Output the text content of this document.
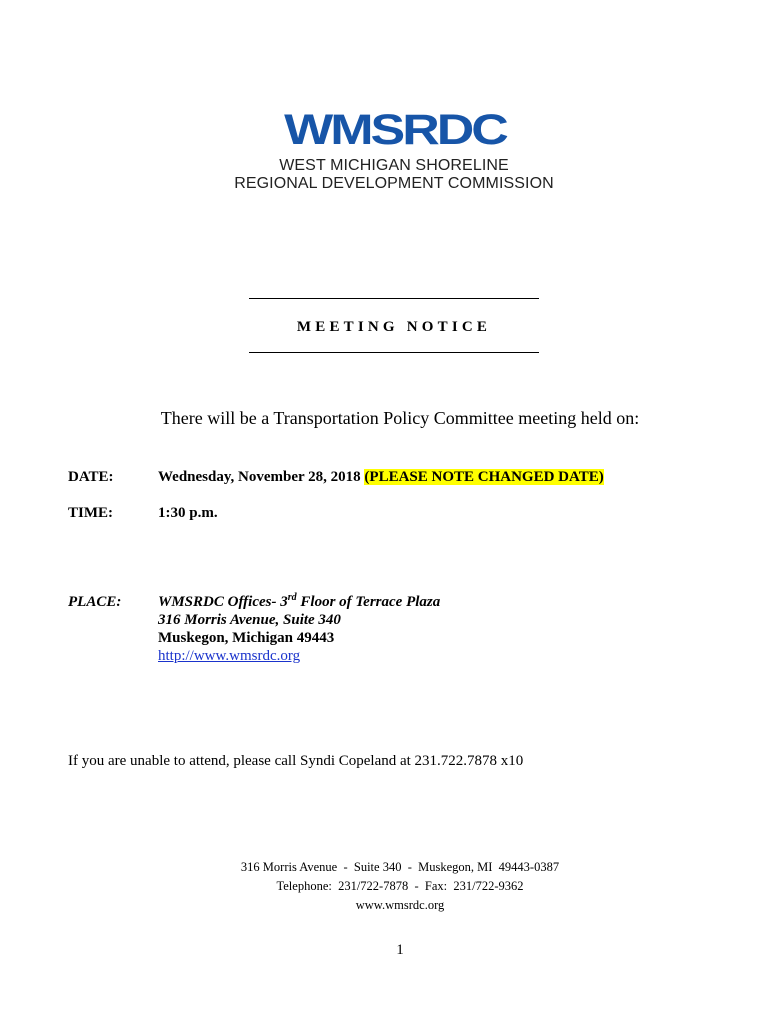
WMSRDC
WEST MICHIGAN SHORELINE
REGIONAL DEVELOPMENT COMMISSION
MEETING NOTICE
There will be a Transportation Policy Committee meeting held on:
DATE:	Wednesday, November 28, 2018 (PLEASE NOTE CHANGED DATE)
TIME:	1:30 p.m.
PLACE: WMSRDC Offices- 3rd Floor of Terrace Plaza
316 Morris Avenue, Suite 340
Muskegon, Michigan 49443
http://www.wmsrdc.org
If you are unable to attend, please call Syndi Copeland at 231.722.7878 x10
316 Morris Avenue  -  Suite 340  -  Muskegon, MI  49443-0387
Telephone:  231/722-7878  -  Fax:  231/722-9362
www.wmsrdc.org
1
